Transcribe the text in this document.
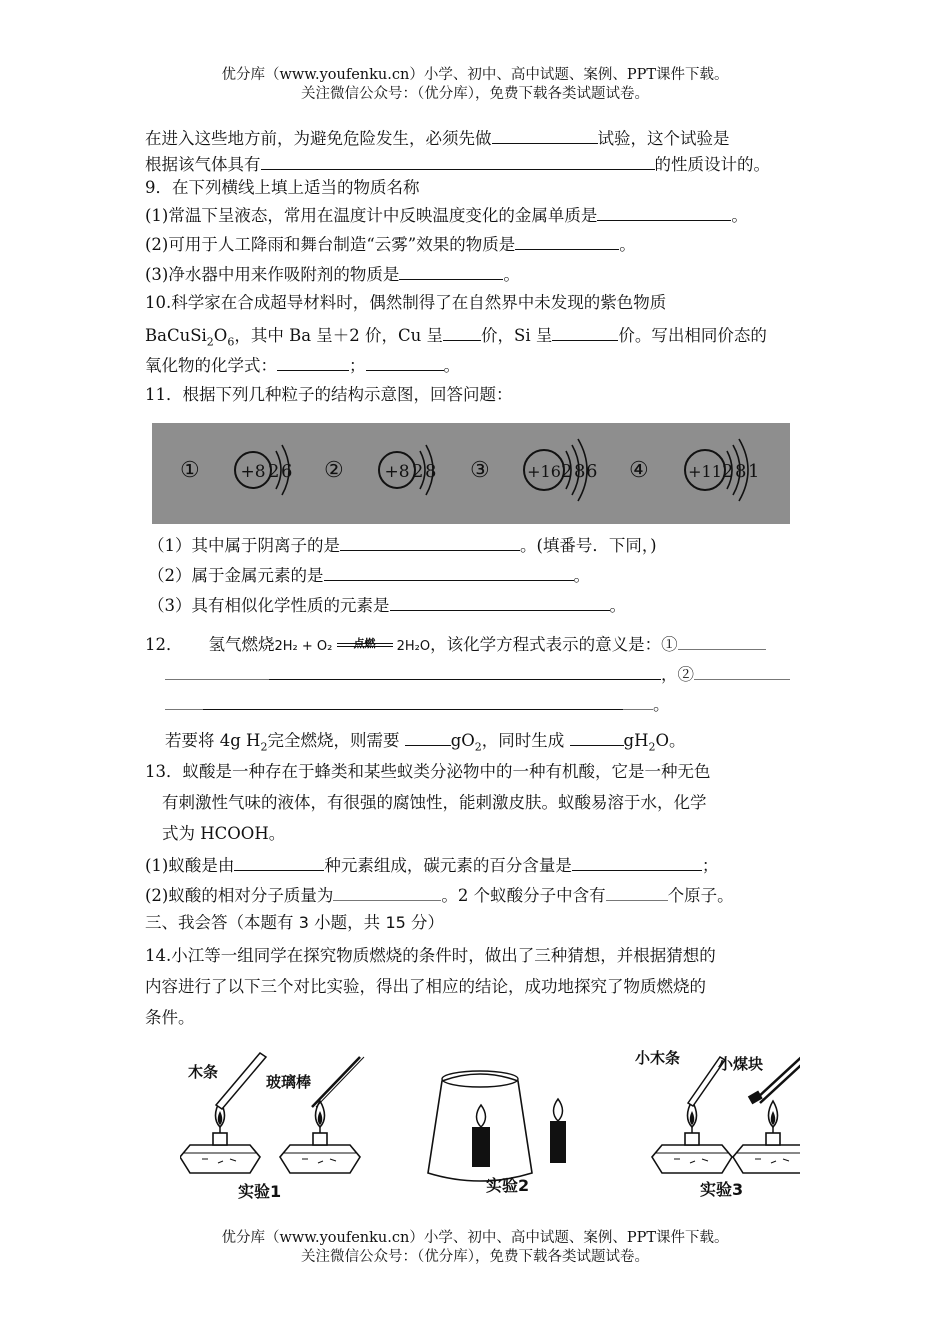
优分库（www.youfenku.cn）小学、初中、高中试题、案例、PPT课件下载。
关注微信公众号：（优分库），免费下载各类试题试卷。
在进入这些地方前，为避免危险发生，必须先做	试验，这个试验是
根据该气体具有	的性质设计的。
9．在下列横线上填上适当的物质名称
(1)常温下呈液态，常用在温度计中反映温度变化的金属单质是	。
(2)可用于人工降雨和舞台制造“云雾”效果的物质是	。
(3)净水器中用来作吸附剂的物质是	。
10.科学家在合成超导材料时，偶然制得了在自然界中未发现的紫色物质
$BaCuSi_2O_6$，其中 Ba 呈＋2 价，Cu 呈 价，Si 呈	价。写出相同价态的
氧化物的化学式：	；	。
11．根据下列几种粒子的结构示意图，回答问题：
① +8 2 6 ② +8 2 8 ③ +16 2 8 6 ④ +11 2 8 1
（1）其中属于阴离子的是	。(填番号．下同，)
（2）属于金属元素的是	。
（3）具有相似化学性质的元素是	。
12． 氢气燃烧2H₂ + O₂	点燃	2H₂O，该化学方程式表示的意义是：①
，②
。
若要将 4g $H_2$完全燃烧，则需要	$gO_2$，同时生成	$gH_2O$。
13．蚁酸是一种存在于蜂类和某些蚁类分泌物中的一种有机酸，它是一种无色
有刺激性气味的液体，有很强的腐蚀性，能刺激皮肤。蚁酸易溶于水，化学
式为 HCOOH。
(1)蚁酸是由	种元素组成，碳元素的百分含量是	；
(2)蚁酸的相对分子质量为	。2 个蚁酸分子中含有	个原子。
三、我会答（本题有 3 小题，共 15 分）
14.小江等一组同学在探究物质燃烧的条件时，做出了三种猜想，并根据猜想的
内容进行了以下三个对比实验，得出了相应的结论，成功地探究了物质燃烧的
条件。
木条
玻璃棒
实验1	实验2
小木条	小煤块
实验3
优分库（www.youfenku.cn）小学、初中、高中试题、案例、PPT课件下载。
关注微信公众号：（优分库），免费下载各类试题试卷。
